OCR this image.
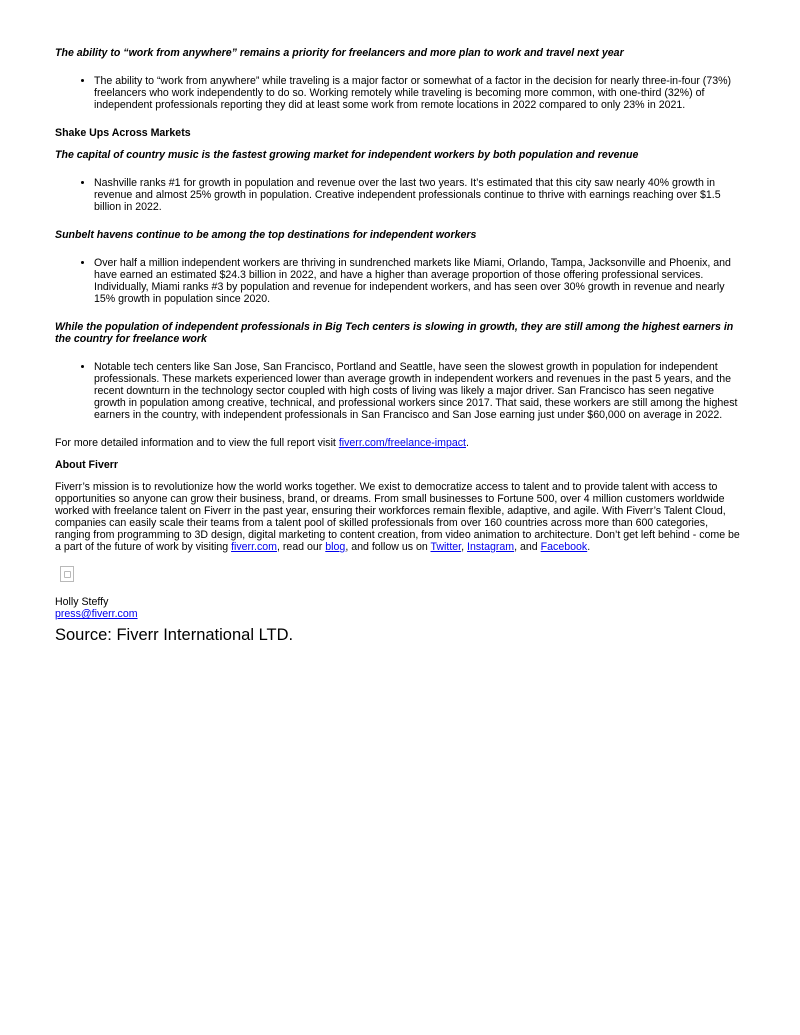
The ability to “work from anywhere” remains a priority for freelancers and more plan to work and travel next year

• The ability to “work from anywhere” while traveling is a major factor or somewhat of a factor in the decision for nearly three-in-four (73%) freelancers who work independently to do so. Working remotely while traveling is becoming more common, with one-third (32%) of independent professionals reporting they did at least some work from remote locations in 2022 compared to only 23% in 2021.

Shake Ups Across Markets

The capital of country music is the fastest growing market for independent workers by both population and revenue

• Nashville ranks #1 for growth in population and revenue over the last two years. It’s estimated that this city saw nearly 40% growth in revenue and almost 25% growth in population. Creative independent professionals continue to thrive with earnings reaching over $1.5 billion in 2022.

Sunbelt havens continue to be among the top destinations for independent workers

• Over half a million independent workers are thriving in sundrenched markets like Miami, Orlando, Tampa, Jacksonville and Phoenix, and have earned an estimated $24.3 billion in 2022, and have a higher than average proportion of those offering professional services. Individually, Miami ranks #3 by population and revenue for independent workers, and has seen over 30% growth in revenue and nearly 15% growth in population since 2020.

While the population of independent professionals in Big Tech centers is slowing in growth, they are still among the highest earners in the country for freelance work

• Notable tech centers like San Jose, San Francisco, Portland and Seattle, have seen the slowest growth in population for independent professionals. These markets experienced lower than average growth in independent workers and revenues in the past 5 years, and the recent downturn in the technology sector coupled with high costs of living was likely a major driver. San Francisco has seen negative growth in population among creative, technical, and professional workers since 2017. That said, these workers are still among the highest earners in the country, with independent professionals in San Francisco and San Jose earning just under $60,000 on average in 2022.

For more detailed information and to view the full report visit fiverr.com/freelance-impact.

About Fiverr

Fiverr’s mission is to revolutionize how the world works together. We exist to democratize access to talent and to provide talent with access to opportunities so anyone can grow their business, brand, or dreams. From small businesses to Fortune 500, over 4 million customers worldwide worked with freelance talent on Fiverr in the past year, ensuring their workforces remain flexible, adaptive, and agile. With Fiverr’s Talent Cloud, companies can easily scale their teams from a talent pool of skilled professionals from over 160 countries across more than 600 categories, ranging from programming to 3D design, digital marketing to content creation, from video animation to architecture. Don’t get left behind - come be a part of the future of work by visiting fiverr.com, read our blog, and follow us on Twitter, Instagram, and Facebook.

Holly Steffy

press@fiverr.com

Source: Fiverr International LTD.
